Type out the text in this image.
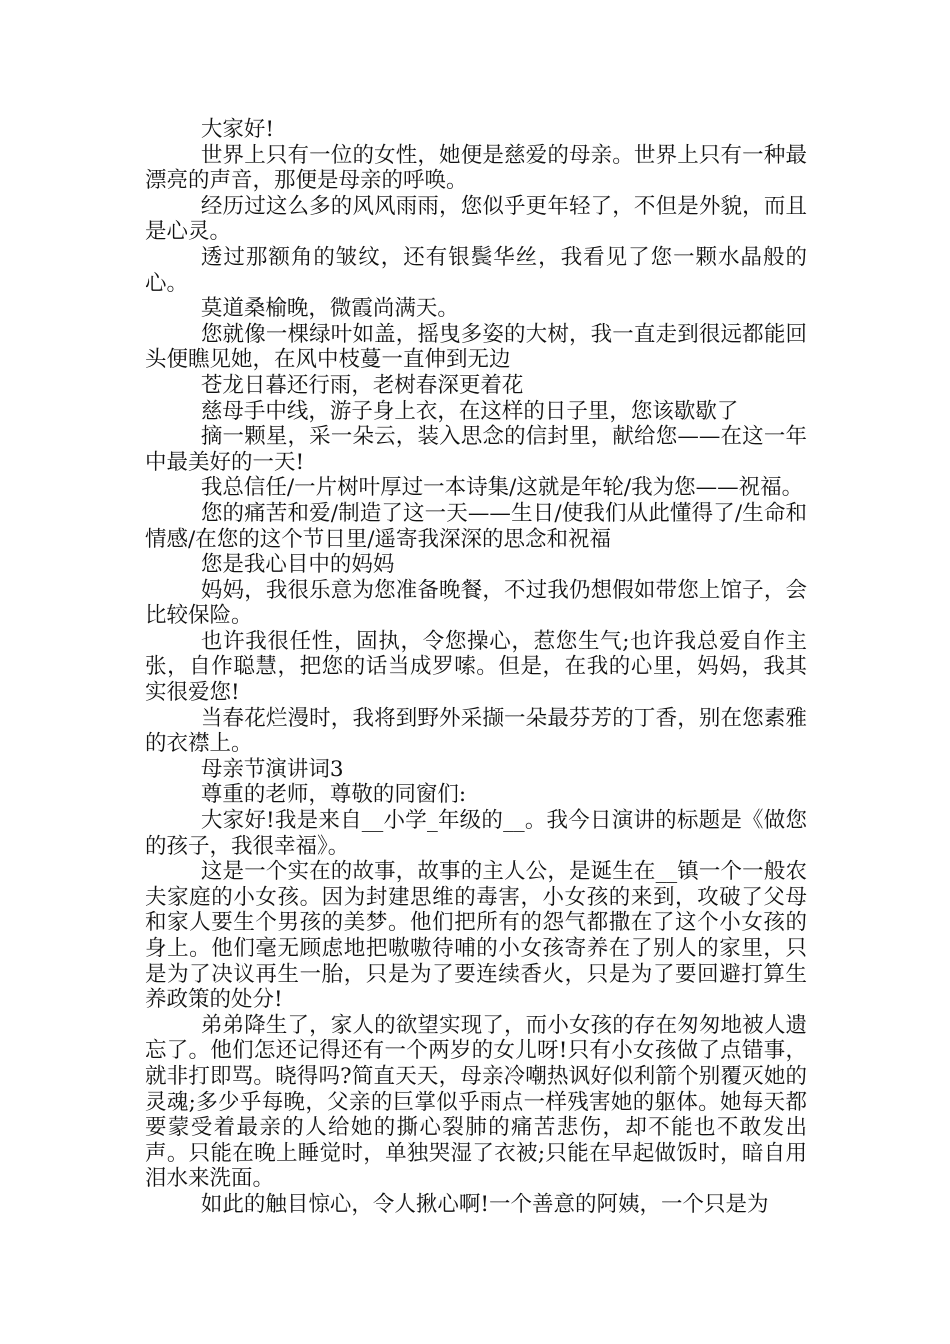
大家好!

世界上只有一位的女性，她便是慈爱的母亲。世界上只有一种最漂亮的声音，那便是母亲的呼唤。

经历过这么多的风风雨雨，您似乎更年轻了，不但是外貌，而且是心灵。

透过那额角的皱纹，还有银鬓华丝，我看见了您一颗水晶般的心。

莫道桑榆晚，微霞尚满天。

您就像一棵绿叶如盖，摇曳多姿的大树，我一直走到很远都能回头便瞧见她，在风中枝蔓一直伸到无边

苍龙日暮还行雨，老树春深更着花

慈母手中线，游子身上衣，在这样的日子里，您该歇歇了

摘一颗星，采一朵云，装入思念的信封里，献给您——在这一年中最美好的一天!

我总信任/一片树叶厚过一本诗集/这就是年轮/我为您——祝福。

您的痛苦和爱/制造了这一天——生日/使我们从此懂得了/生命和情感/在您的这个节日里/遥寄我深深的思念和祝福

您是我心目中的妈妈

妈妈，我很乐意为您准备晚餐，不过我仍想假如带您上馆子，会比较保险。

也许我很任性，固执，令您操心，惹您生气;也许我总爱自作主张，自作聪慧，把您的话当成罗嗦。但是，在我的心里，妈妈，我其实很爱您!

当春花烂漫时，我将到野外采撷一朵最芬芳的丁香，别在您素雅的衣襟上。

母亲节演讲词3

尊重的老师，尊敬的同窗们:

大家好!我是来自__小学_年级的__。我今日演讲的标题是《做您的孩子，我很幸福》。

这是一个实在的故事，故事的主人公，是诞生在__镇一个一般农夫家庭的小女孩。因为封建思维的毒害，小女孩的来到，攻破了父母和家人要生个男孩的美梦。他们把所有的怨气都撒在了这个小女孩的身上。他们毫无顾虑地把嗷嗷待哺的小女孩寄养在了别人的家里，只是为了决议再生一胎，只是为了要连续香火，只是为了要回避打算生养政策的处分!

弟弟降生了，家人的欲望实现了，而小女孩的存在匆匆地被人遗忘了。他们怎还记得还有一个两岁的女儿呀!只有小女孩做了点错事，就非打即骂。晓得吗?简直天天，母亲冷嘲热讽好似利箭个别覆灭她的灵魂;多少乎每晚，父亲的巨掌似乎雨点一样残害她的躯体。她每天都要蒙受着最亲的人给她的撕心裂肺的痛苦悲伤，却不能也不敢发出声。只能在晚上睡觉时，单独哭湿了衣被;只能在早起做饭时，暗自用泪水来洗面。

如此的触目惊心，令人揪心啊!一个善意的阿姨，一个只是为
